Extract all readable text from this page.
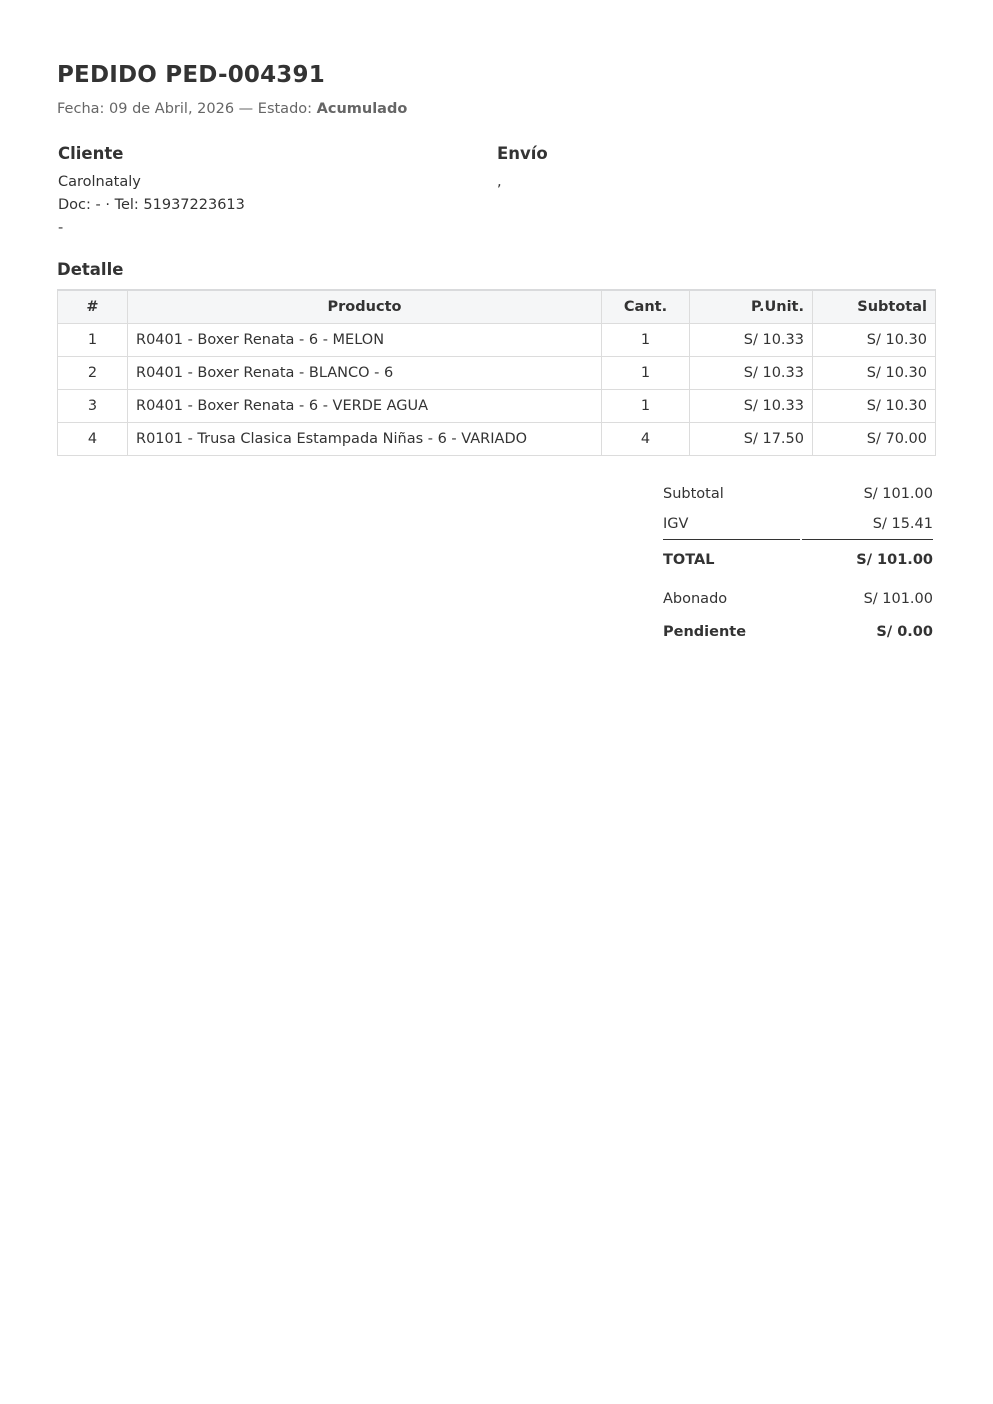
PEDIDO PED-004391
Fecha: 09 de Abril, 2026 — Estado: Acumulado
Cliente
Carolnataly
Doc: - · Tel: 51937223613
-
Envío
,
Detalle
#	Producto	Cant.	P.Unit.	Subtotal
1	R0401 - Boxer Renata - 6 - MELON	1	S/ 10.33	S/ 10.30
2	R0401 - Boxer Renata - BLANCO - 6	1	S/ 10.33	S/ 10.30
3	R0401 - Boxer Renata - 6 - VERDE AGUA	1	S/ 10.33	S/ 10.30
4	R0101 - Trusa Clasica Estampada Niñas - 6 - VARIADO	4	S/ 17.50	S/ 70.00
Subtotal	S/ 101.00
IGV	S/ 15.41
TOTAL	S/ 101.00
Abonado	S/ 101.00
Pendiente	S/ 0.00
